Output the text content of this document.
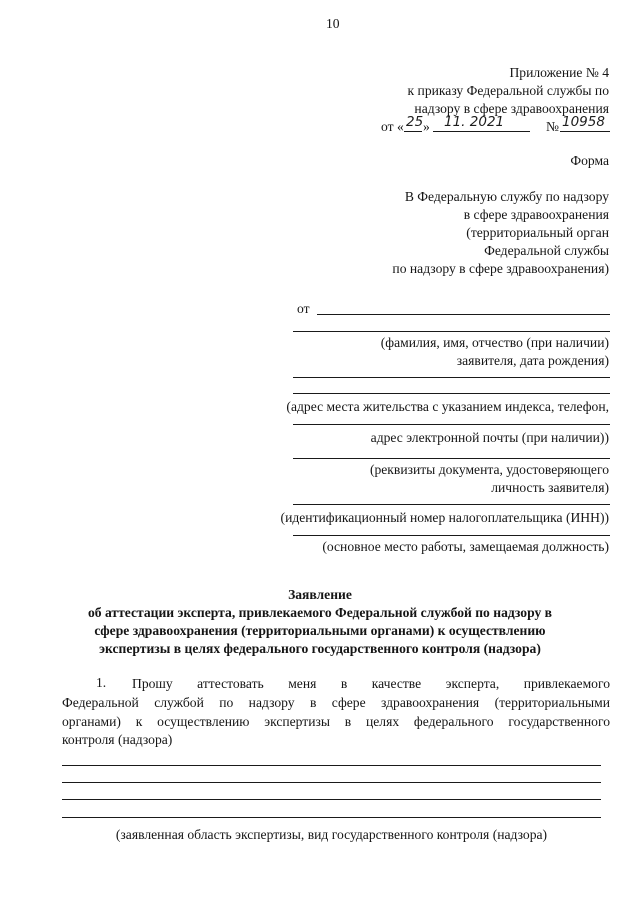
10
Приложение № 4
к приказу Федеральной службы по
надзору в сфере здравоохранения
от « 25 » 11. 2021	№ 10958
Форма
В Федеральную службу по надзору
в сфере здравоохранения
(территориальный орган
Федеральной службы
по надзору в сфере здравоохранения)
от
(фамилия, имя, отчество (при наличии)
заявителя, дата рождения)
(адрес места жительства с указанием индекса, телефон,
адрес электронной почты (при наличии))
(реквизиты документа, удостоверяющего
личность заявителя)
(идентификационный номер налогоплательщика (ИНН))
(основное место работы, замещаемая должность)
Заявление
об аттестации эксперта, привлекаемого Федеральной службой по надзору в
сфере здравоохранения (территориальными органами) к осуществлению
экспертизы в целях федерального государственного контроля (надзора)
1. Прошу аттестовать меня в качестве эксперта, привлекаемого
Федеральной службой по надзору в сфере здравоохранения (территориальными
органами) к осуществлению экспертизы в целях федерального государственного
контроля (надзора)
(заявленная область экспертизы, вид государственного контроля (надзора)
